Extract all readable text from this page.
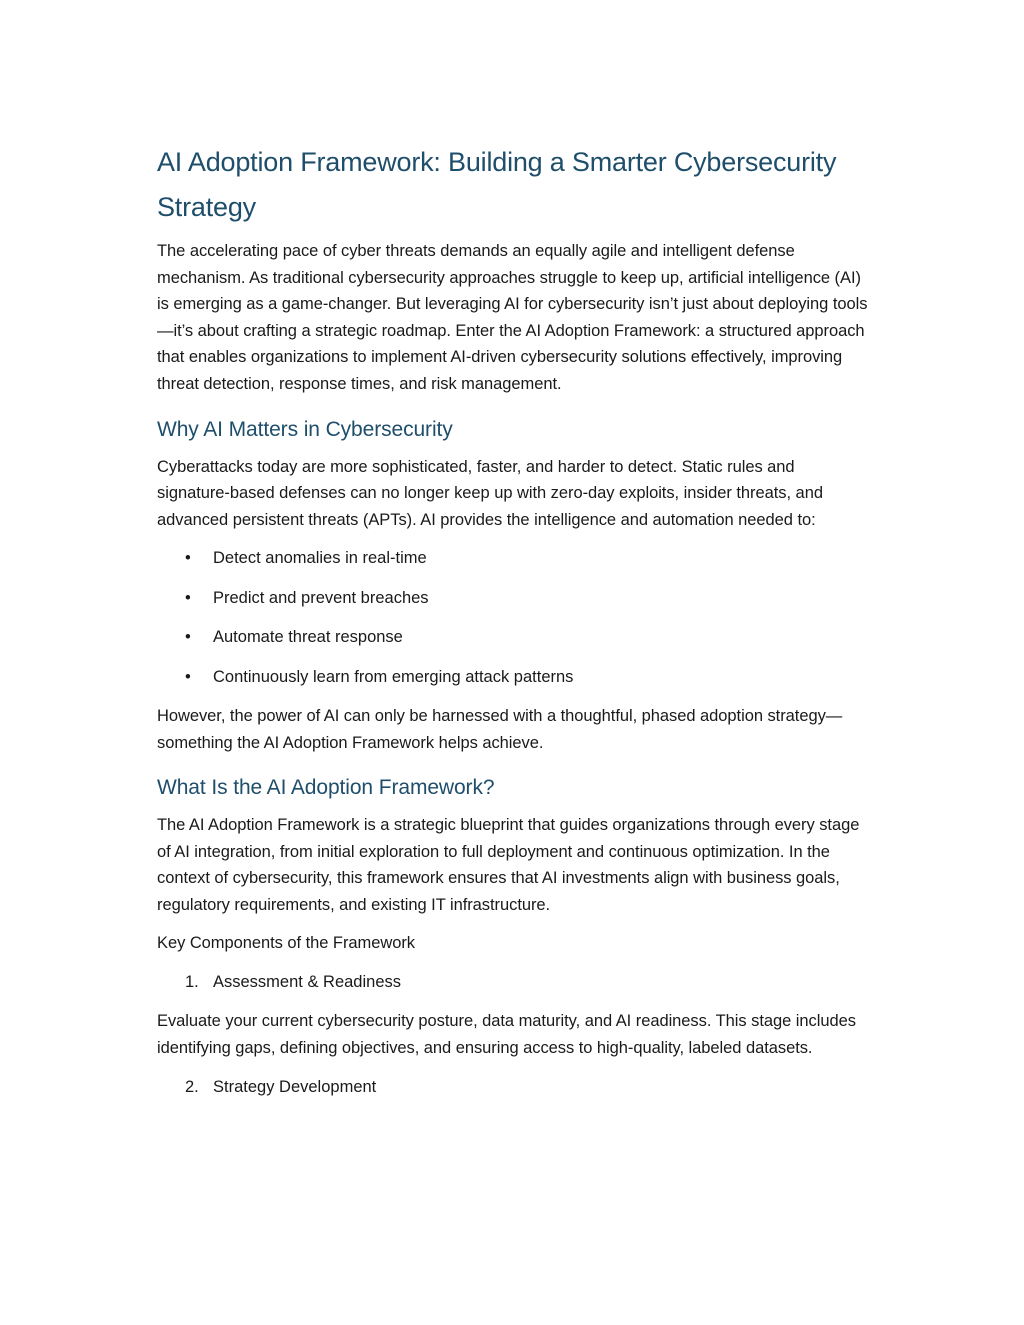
AI Adoption Framework: Building a Smarter Cybersecurity Strategy

The accelerating pace of cyber threats demands an equally agile and intelligent defense mechanism. As traditional cybersecurity approaches struggle to keep up, artificial intelligence (AI) is emerging as a game-changer. But leveraging AI for cybersecurity isn’t just about deploying tools—it’s about crafting a strategic roadmap. Enter the AI Adoption Framework: a structured approach that enables organizations to implement AI-driven cybersecurity solutions effectively, improving threat detection, response times, and risk management.

Why AI Matters in Cybersecurity

Cyberattacks today are more sophisticated, faster, and harder to detect. Static rules and signature-based defenses can no longer keep up with zero-day exploits, insider threats, and advanced persistent threats (APTs). AI provides the intelligence and automation needed to:

• Detect anomalies in real-time
• Predict and prevent breaches
• Automate threat response
• Continuously learn from emerging attack patterns

However, the power of AI can only be harnessed with a thoughtful, phased adoption strategy—something the AI Adoption Framework helps achieve.

What Is the AI Adoption Framework?

The AI Adoption Framework is a strategic blueprint that guides organizations through every stage of AI integration, from initial exploration to full deployment and continuous optimization. In the context of cybersecurity, this framework ensures that AI investments align with business goals, regulatory requirements, and existing IT infrastructure.

Key Components of the Framework

1. Assessment & Readiness

Evaluate your current cybersecurity posture, data maturity, and AI readiness. This stage includes identifying gaps, defining objectives, and ensuring access to high-quality, labeled datasets.

2. Strategy Development
